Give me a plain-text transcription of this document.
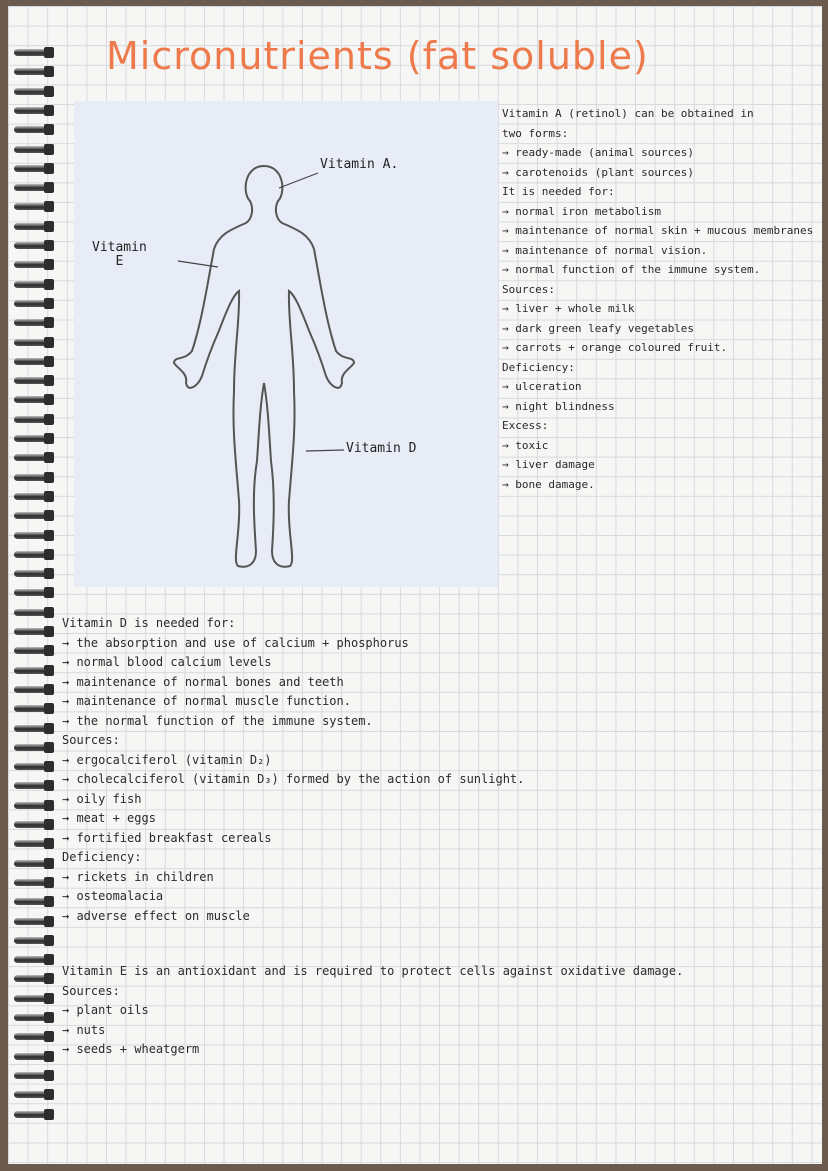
Micronutrients (fat soluble)
Vitamin A.
Vitamin
E
Vitamin D
Vitamin A (retinol) can be obtained in
two forms:
→ ready-made (animal sources)
→ carotenoids (plant sources)
It is needed for:
→ normal iron metabolism
→ maintenance of normal skin + mucous membranes
→ maintenance of normal vision.
→ normal function of the immune system.
Sources:
→ liver + whole milk
→ dark green leafy vegetables
→ carrots + orange coloured fruit.
Deficiency:
→ ulceration
→ night blindness
Excess:
→ toxic
→ liver damage
→ bone damage.
Vitamin D is needed for:
→ the absorption and use of calcium + phosphorus
→ normal blood calcium levels
→ maintenance of normal bones and teeth
→ maintenance of normal muscle function.
→ the normal function of the immune system.
Sources:
→ ergocalciferol (vitamin D₂)
→ cholecalciferol (vitamin D₃) formed by the action of sunlight.
→ oily fish
→ meat + eggs
→ fortified breakfast cereals
Deficiency:
→ rickets in children
→ osteomalacia
→ adverse effect on muscle
Vitamin E is an antioxidant and is required to protect cells against oxidative damage.
Sources:
→ plant oils
→ nuts
→ seeds + wheatgerm
